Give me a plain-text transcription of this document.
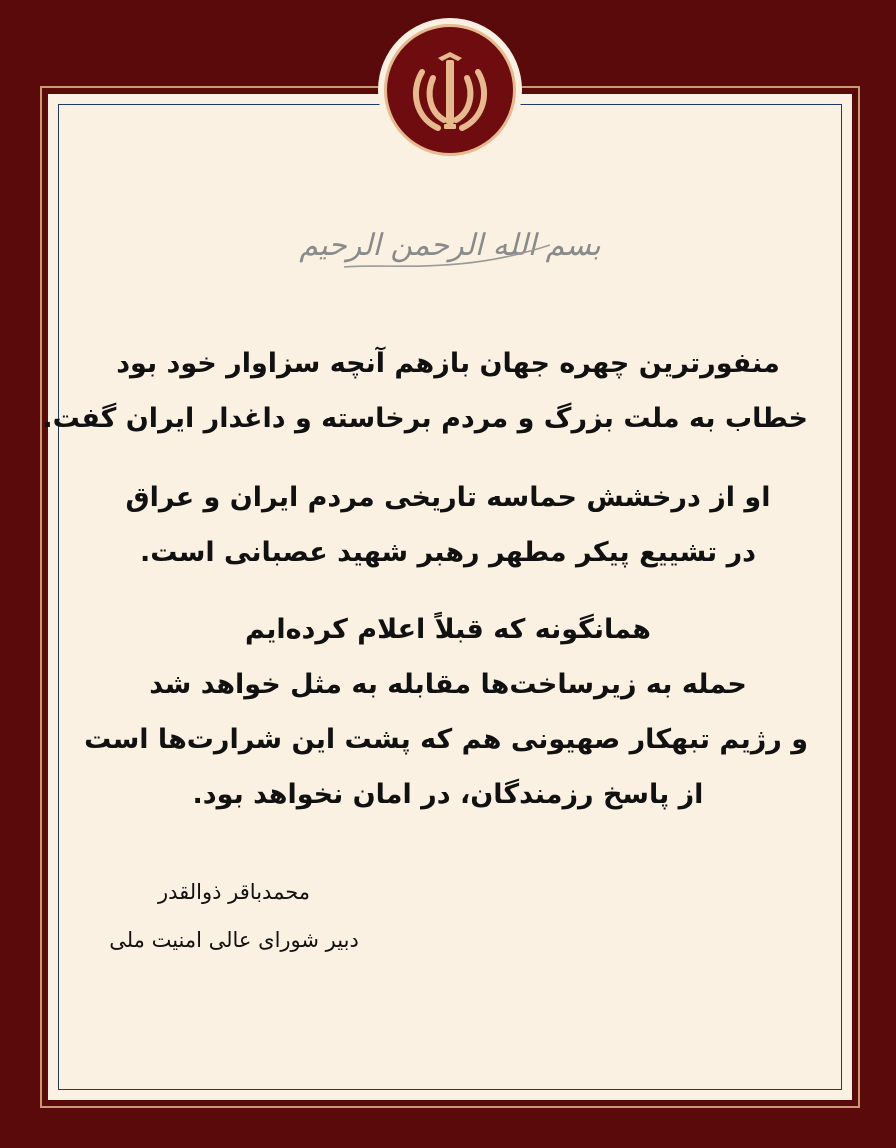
بسم الله الرحمن الرحیم

منفورترین چهره جهان بازهم آنچه سزاوار خود بود
خطاب به ملت بزرگ و مردم برخاسته و داغدار ایران گفت.

او از درخشش حماسه تاریخی مردم ایران و عراق
در تشییع پیکر مطهر رهبر شهید عصبانی است.

همانگونه که قبلاً اعلام کرده‌ایم
حمله به زیرساخت‌ها مقابله به مثل خواهد شد
و رژیم تبهکار صهیونی هم که پشت این شرارت‌ها است
از پاسخ رزمندگان، در امان نخواهد بود.

محمدباقر ذوالقدر
دبیر شورای عالی امنیت ملی
